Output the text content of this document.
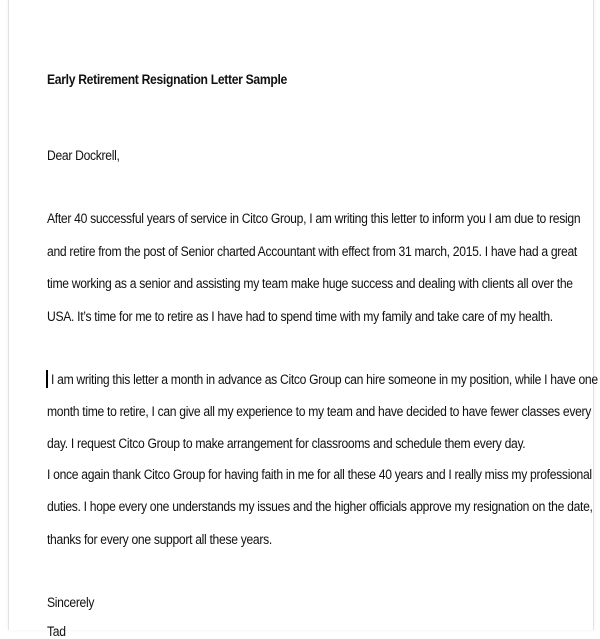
Early Retirement Resignation Letter Sample
Dear Dockrell,
After 40 successful years of service in Citco Group, I am writing this letter to inform you I am due to resign
and retire from the post of Senior charted Accountant with effect from 31 march, 2015. I have had a great
time working as a senior and assisting my team make huge success and dealing with clients all over the
USA. It’s time for me to retire as I have had to spend time with my family and take care of my health.
I am writing this letter a month in advance as Citco Group can hire someone in my position, while I have one
month time to retire, I can give all my experience to my team and have decided to have fewer classes every
day. I request Citco Group to make arrangement for classrooms and schedule them every day.
I once again thank Citco Group for having faith in me for all these 40 years and I really miss my professional
duties. I hope every one understands my issues and the higher officials approve my resignation on the date,
thanks for every one support all these years.
Sincerely
Tad
